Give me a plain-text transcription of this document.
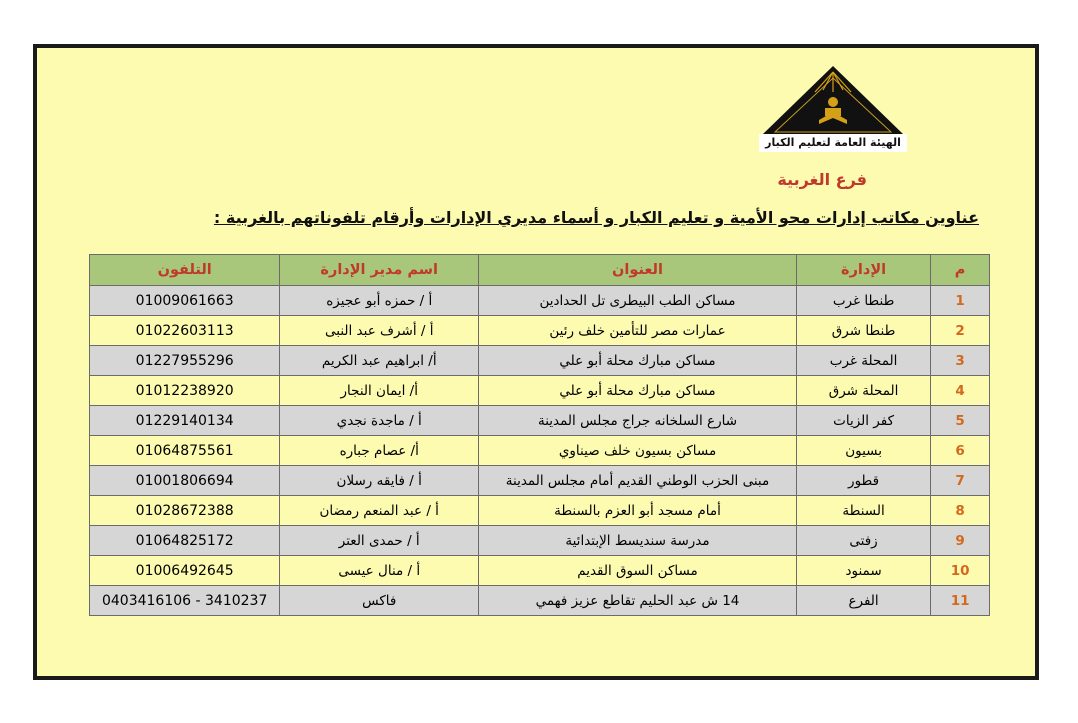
الهيئة العامة لتعليم الكبار
فرع الغربية
عناوين مكاتب إدارات محو الأمية و تعليم الكبار و أسماء مديري الإدارات وأرقام تلفوناتهم بالغربية :
م	الإدارة	العنوان	اسم مدير الإدارة	التلفون
1	طنطا غرب	مساكن الطب البيطرى تل الحدادين	أ / حمزه أبو عجيزه	01009061663
2	طنطا شرق	عمارات مصر للتأمين خلف رئين	أ / أشرف عبد النبى	01022603113
3	المحلة غرب	مساكن مبارك محلة أبو علي	أ/ ابراهيم عبد الكريم	01227955296
4	المحلة شرق	مساكن مبارك محلة أبو علي	أ/ ايمان النجار	01012238920
5	كفر الزيات	شارع السلخانه جراج مجلس المدينة	أ / ماجدة نجدي	01229140134
6	بسيون	مساكن بسيون خلف صيناوي	أ/ عصام جباره	01064875561
7	قطور	مبنى الحزب الوطني القديم أمام مجلس المدينة	أ / فايقه رسلان	01001806694
8	السنطة	أمام مسجد أبو العزم بالسنطة	أ / عبد المنعم رمضان	01028672388
9	زفتى	مدرسة سنديسط الإبتدائية	أ / حمدى العتر	01064825172
10	سمنود	مساكن السوق القديم	أ / منال عيسى	01006492645
11	الفرع	14 ش عبد الحليم تقاطع عزيز فهمي	فاكس	0403416106 - 3410237
